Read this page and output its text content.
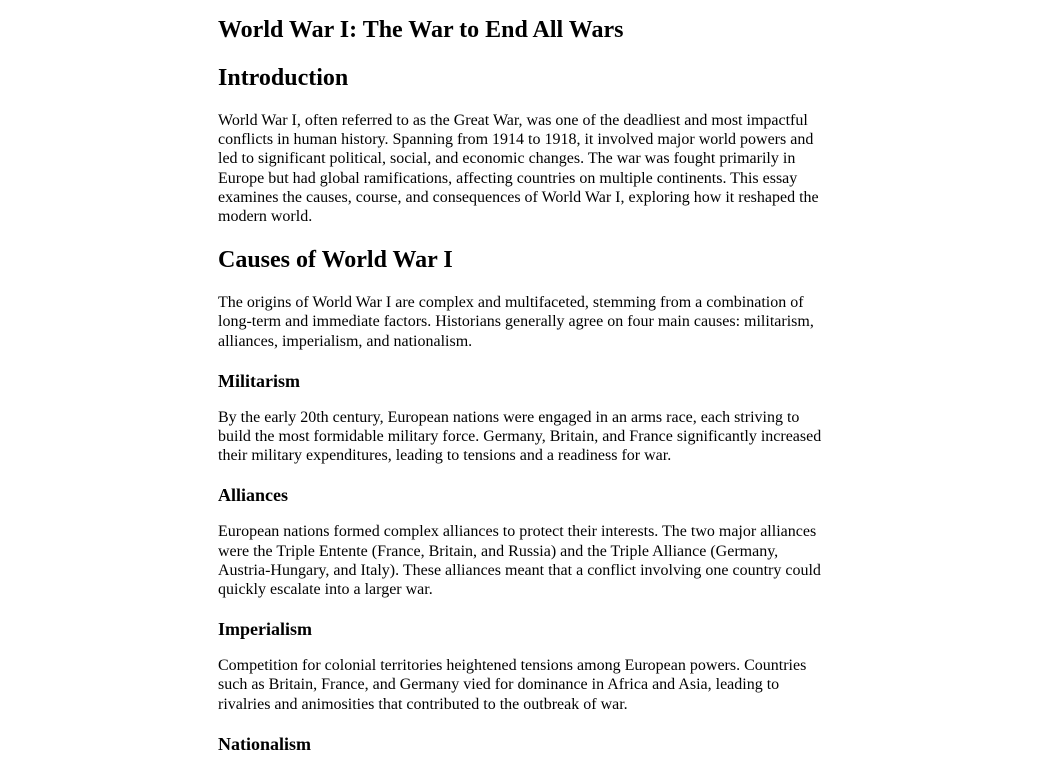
World War I: The War to End All Wars
Introduction

World War I, often referred to as the Great War, was one of the deadliest and most impactful conflicts in human history. Spanning from 1914 to 1918, it involved major world powers and led to significant political, social, and economic changes. The war was fought primarily in Europe but had global ramifications, affecting countries on multiple continents. This essay examines the causes, course, and consequences of World War I, exploring how it reshaped the modern world.

Causes of World War I

The origins of World War I are complex and multifaceted, stemming from a combination of long-term and immediate factors. Historians generally agree on four main causes: militarism, alliances, imperialism, and nationalism.

Militarism

By the early 20th century, European nations were engaged in an arms race, each striving to build the most formidable military force. Germany, Britain, and France significantly increased their military expenditures, leading to tensions and a readiness for war.

Alliances

European nations formed complex alliances to protect their interests. The two major alliances were the Triple Entente (France, Britain, and Russia) and the Triple Alliance (Germany, Austria-Hungary, and Italy). These alliances meant that a conflict involving one country could quickly escalate into a larger war.

Imperialism

Competition for colonial territories heightened tensions among European powers. Countries such as Britain, France, and Germany vied for dominance in Africa and Asia, leading to rivalries and animosities that contributed to the outbreak of war.

Nationalism
